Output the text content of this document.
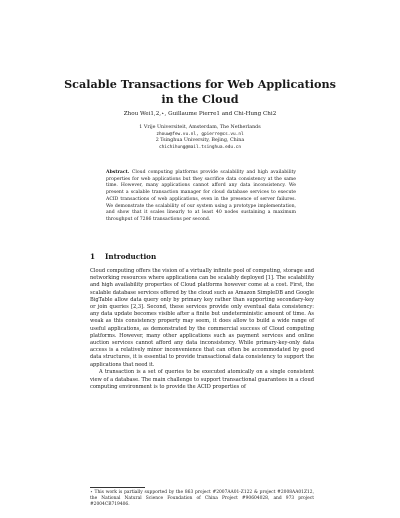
Scalable Transactions for Web Applications in the Cloud
Zhou Wei1,2,⋆, Guillaume Pierre1 and Chi-Hung Chi2
1 Vrije Universiteit, Amsterdam, The Netherlands
zhouw@few.vu.nl, gpierre@cs.vu.nl
2 Tsinghua University, Bejing, China
chichihung@mail.tsinghua.edu.cn
Abstract. Cloud computing platforms provide scalability and high availability properties for web applications but they sacrifice data consistency at the same time. However, many applications cannot afford any data inconsistency. We present a scalable transaction manager for cloud database services to execute ACID transactions of web applications, even in the presence of server failures. We demonstrate the scalability of our system using a prototype implementation, and show that it scales linearly to at least 40 nodes sustaining a maximum throughput of 7286 transactions per second.
1 Introduction

Cloud computing offers the vision of a virtually infinite pool of computing, storage and networking resources where applications can be scalably deployed [1]. The scalability and high availability properties of Cloud platforms however come at a cost. First, the scalable database services offered by the cloud such as Amazon SimpleDB and Google BigTable allow data query only by primary key rather than supporting secondary-key or join queries [2,3]. Second, these services provide only eventual data consistency: any data update becomes visible after a finite but undeterministic amount of time. As weak as this consistency property may seem, it does allow to build a wide range of useful applications, as demonstrated by the commercial success of Cloud computing platforms. However, many other applications such as payment services and online auction services cannot afford any data inconsistency. While primary-key-only data access is a relatively minor inconvenience that can often be accommodated by good data structures, it is essential to provide transactional data consistency to support the applications that need it.

A transaction is a set of queries to be executed atomically on a single consistent view of a database. The main challenge to support transactional guarantees in a cloud computing environment is to provide the ACID properties of

⋆ This work is partially supported by the 863 project #2007AA01-Z122 & project #2008AA01Z12, the National Natural Science Foundation of China Project #90604028, and 973 project #2004CB719406.
